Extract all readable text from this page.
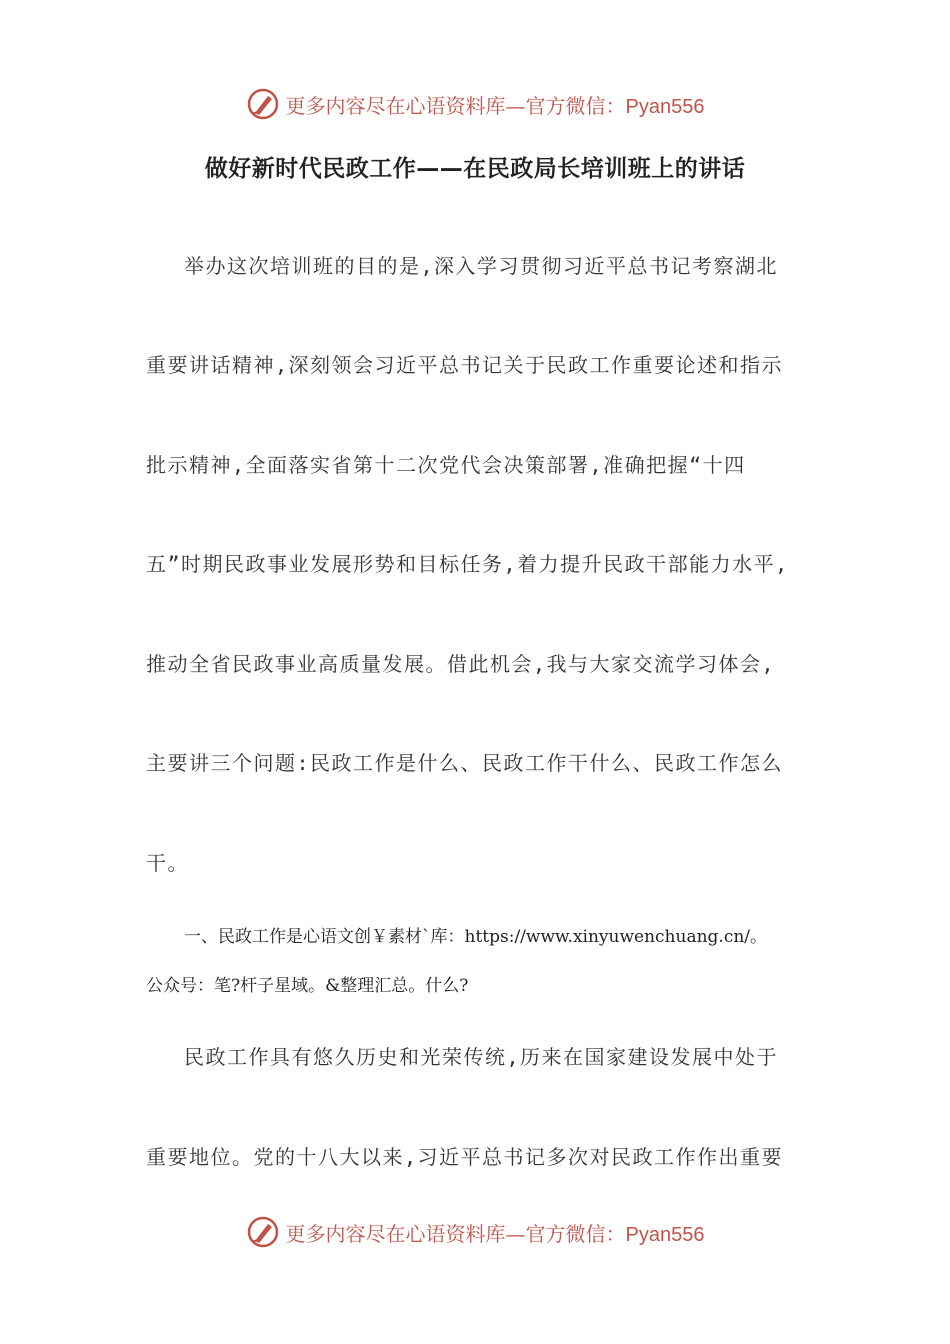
更多内容尽在心语资料库—官方微信：Pyan556
做好新时代民政工作——在民政局长培训班上的讲话
举办这次培训班的目的是,深入学习贯彻习近平总书记考察湖北
重要讲话精神,深刻领会习近平总书记关于民政工作重要论述和指示
批示精神,全面落实省第十二次党代会决策部署,准确把握“十四
五”时期民政事业发展形势和目标任务,着力提升民政干部能力水平,
推动全省民政事业高质量发展。借此机会,我与大家交流学习体会,
主要讲三个问题:民政工作是什么、民政工作干什么、民政工作怎么
干。
一、民政工作是心语文创￥素材`库：https://www.xinyuwenchuang.cn/。
公众号：笔?杆子星域。&整理汇总。什么?
民政工作具有悠久历史和光荣传统,历来在国家建设发展中处于
重要地位。党的十八大以来,习近平总书记多次对民政工作作出重要
更多内容尽在心语资料库—官方微信：Pyan556
